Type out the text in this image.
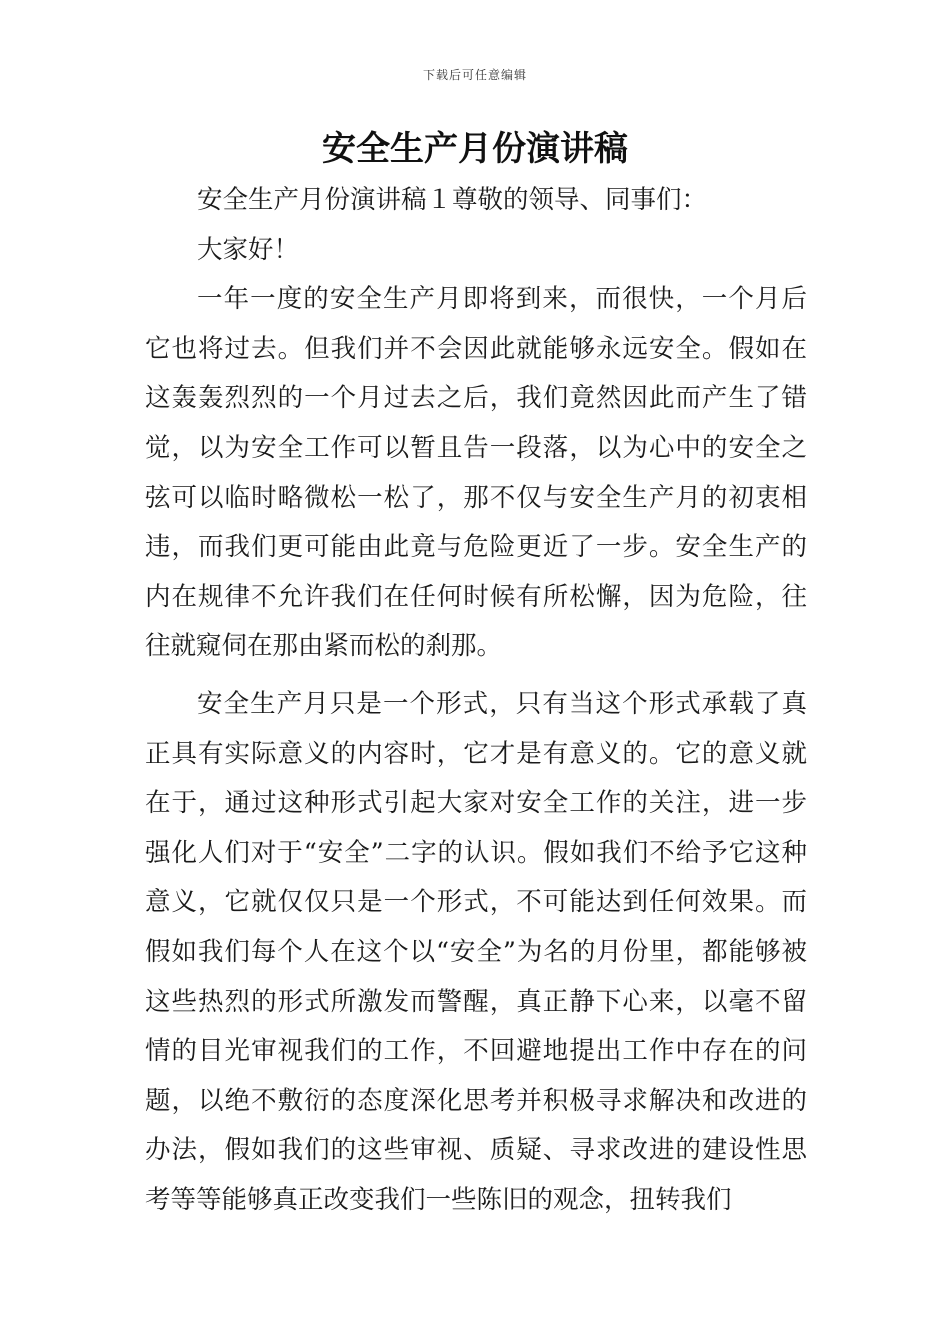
下载后可任意编辑
安全生产月份演讲稿

安全生产月份演讲稿１尊敬的领导、同事们：

大家好！

一年一度的安全生产月即将到来，而很快，一个月后它也将过去。但我们并不会因此就能够永远安全。假如在这轰轰烈烈的一个月过去之后，我们竟然因此而产生了错觉，以为安全工作可以暂且告一段落，以为心中的安全之弦可以临时略微松一松了，那不仅与安全生产月的初衷相违，而我们更可能由此竟与危险更近了一步。安全生产的内在规律不允许我们在任何时候有所松懈，因为危险，往往就窥伺在那由紧而松的刹那。

安全生产月只是一个形式，只有当这个形式承载了真正具有实际意义的内容时，它才是有意义的。它的意义就在于，通过这种形式引起大家对安全工作的关注，进一步强化人们对于“安全”二字的认识。假如我们不给予它这种意义，它就仅仅只是一个形式，不可能达到任何效果。而假如我们每个人在这个以“安全”为名的月份里，都能够被这些热烈的形式所激发而警醒，真正静下心来，以毫不留情的目光审视我们的工作，不回避地提出工作中存在的问题，以绝不敷衍的态度深化思考并积极寻求解决和改进的办法，假如我们的这些审视、质疑、寻求改进的建设性思考等等能够真正改变我们一些陈旧的观念，扭转我们
